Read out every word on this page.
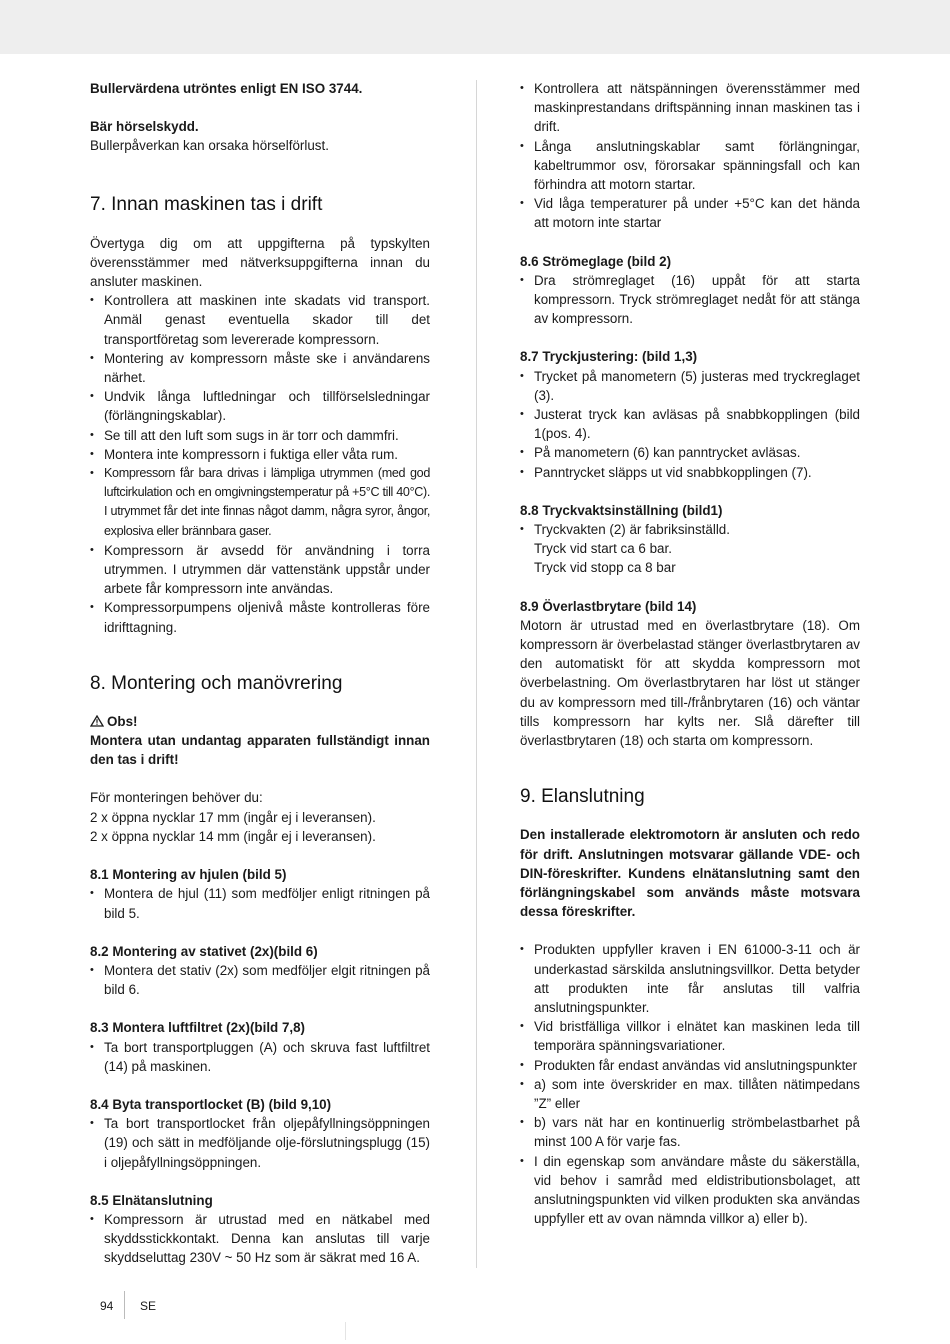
Bullervärdena utröntes enligt EN ISO 3744.

Bär hörselskydd.

Bullerpåverkan kan orsaka hörselförlust.

7. Innan maskinen tas i drift

Övertyga dig om att uppgifterna på typskylten överensstämmer med nätverksuppgifterna innan du ansluter maskinen.

• Kontrollera att maskinen inte skadats vid transport. Anmäl genast eventuella skador till det transportföretag som levererade kompressorn.
• Montering av kompressorn måste ske i användarens närhet.
• Undvik långa luftledningar och tillförselsledningar (förlängningskablar).
• Se till att den luft som sugs in är torr och dammfri.
• Montera inte kompressorn i fuktiga eller våta rum.
• Kompressorn får bara drivas i lämpliga utrymmen (med god luftcirkulation och en omgivningstemperatur på +5°C till 40°C). I utrymmet får det inte finnas något damm, några syror, ångor, explosiva eller brännbara gaser.
• Kompressorn är avsedd för användning i torra utrymmen. I utrymmen där vattenstänk uppstår under arbete får kompressorn inte användas.
• Kompressorpumpens oljenivå måste kontrolleras före idrifttagning.
8. Montering och manövrering

Obs!

Montera utan undantag apparaten fullständigt innan den tas i drift!

För monteringen behöver du:

2 x öppna nycklar 17 mm (ingår ej i leveransen).

2 x öppna nycklar 14 mm (ingår ej i leveransen).

8.1 Montering av hjulen (bild 5)
• Montera de hjul (11) som medföljer enligt ritningen på bild 5.
8.2 Montering av stativet (2x)(bild 6)
• Montera det stativ (2x) som medföljer elgit ritningen på bild 6.
8.3 Montera luftfiltret (2x)(bild 7,8)
• Ta bort transportpluggen (A) och skruva fast luftfiltret (14) på maskinen.
8.4 Byta transportlocket (B) (bild 9,10)
• Ta bort transportlocket från oljepåfyllningsöppningen (19) och sätt in medföljande olje-förslutningsplugg (15) i oljepåfyllningsöppningen.
8.5 Elnätanslutning
• Kompressorn är utrustad med en nätkabel med skyddsstickkontakt. Denna kan anslutas till varje skyddseluttag 230V ~ 50 Hz som är säkrat med 16 A.
• Kontrollera att nätspänningen överensstämmer med maskinprestandans driftspänning innan maskinen tas i drift.
• Långa anslutningskablar samt förlängningar, kabeltrummor osv, förorsakar spänningsfall och kan förhindra att motorn startar.
• Vid låga temperaturer på under +5°C kan det hända att motorn inte startar
8.6 Strömeglage (bild 2)
• Dra strömreglaget (16) uppåt för att starta kompressorn. Tryck strömreglaget nedåt för att stänga av kompressorn.
8.7 Tryckjustering: (bild 1,3)
• Trycket på manometern (5) justeras med tryckreglaget (3).
• Justerat tryck kan avläsas på snabbkopplingen (bild 1(pos. 4).
• På manometern (6) kan panntrycket avläsas.
• Panntrycket släpps ut vid snabbkopplingen (7).
8.8 Tryckvaktsinställning (bild1)
• Tryckvakten (2) är fabriksinställd.

Tryck vid start ca 6 bar.

Tryck vid stopp ca 8 bar

8.9 Överlastbrytare (bild 14)

Motorn är utrustad med en överlastbrytare (18). Om kompressorn är överbelastad stänger överlastbrytaren av den automatiskt för att skydda kompressorn mot överbelastning. Om överlastbrytaren har löst ut stänger du av kompressorn med till-/frånbrytaren (16) och väntar tills kompressorn har kylts ner. Slå därefter till överlastbrytaren (18) och starta om kompressorn.

9. Elanslutning

Den installerade elektromotorn är ansluten och redo för drift. Anslutningen motsvarar gällande VDE- och DIN-föreskrifter. Kundens elnätanslutning samt den förlängningskabel som används måste motsvara dessa föreskrifter.

• Produkten uppfyller kraven i EN 61000-3-11 och är underkastad särskilda anslutningsvillkor. Detta betyder att produkten inte får anslutas till valfria anslutningspunkter.
• Vid bristfälliga villkor i elnätet kan maskinen leda till temporära spänningsvariationer.
• Produkten får endast användas vid anslutningspunkter
• a) som inte överskrider en max. tillåten nätimpedans ”Z” eller
• b) vars nät har en kontinuerlig strömbelastbarhet på minst 100 A för varje fas.
• I din egenskap som användare måste du säkerställa, vid behov i samråd med eldistributionsbolaget, att anslutningspunkten vid vilken produkten ska användas uppfyller ett av ovan nämnda villkor a) eller b).
94 SE
